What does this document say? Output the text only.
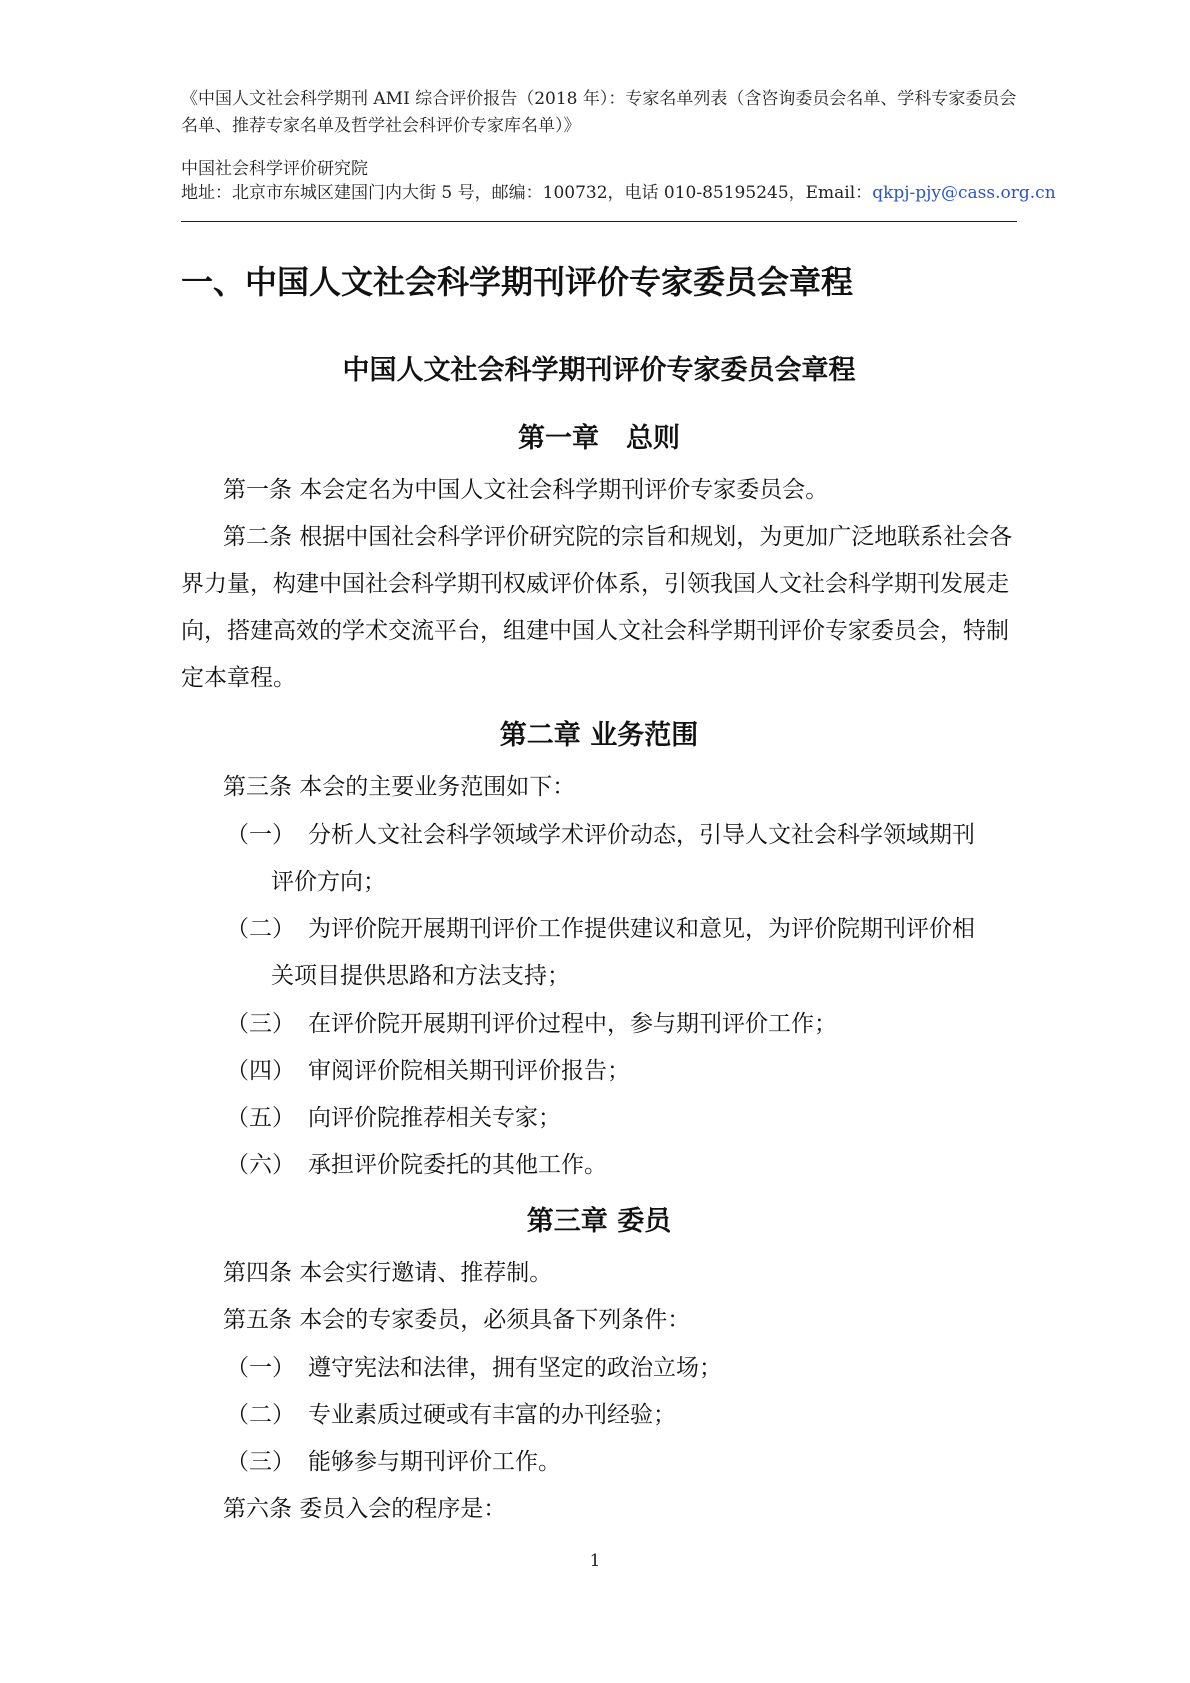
《中国人文社会科学期刊 AMI 综合评价报告（2018 年）：专家名单列表（含咨询委员会名单、学科专家委员会名单、推荐专家名单及哲学社会科评价专家库名单）》
中国社会科学评价研究院
地址：北京市东城区建国门内大街 5 号，邮编：100732，电话 010-85195245，Email：qkpj-pjy@cass.org.cn
一、中国人文社会科学期刊评价专家委员会章程
中国人文社会科学期刊评价专家委员会章程
第一章　总则
第一条 本会定名为中国人文社会科学期刊评价专家委员会。
第二条 根据中国社会科学评价研究院的宗旨和规划，为更加广泛地联系社会各界力量，构建中国社会科学期刊权威评价体系，引领我国人文社会科学期刊发展走向，搭建高效的学术交流平台，组建中国人文社会科学期刊评价专家委员会，特制定本章程。
第二章 业务范围
第三条 本会的主要业务范围如下：
（一） 分析人文社会科学领域学术评价动态，引导人文社会科学领域期刊
评价方向；
（二） 为评价院开展期刊评价工作提供建议和意见，为评价院期刊评价相
关项目提供思路和方法支持；
（三） 在评价院开展期刊评价过程中，参与期刊评价工作；
（四） 审阅评价院相关期刊评价报告；
（五） 向评价院推荐相关专家；
（六） 承担评价院委托的其他工作。
第三章 委员
第四条 本会实行邀请、推荐制。
第五条 本会的专家委员，必须具备下列条件：
（一） 遵守宪法和法律，拥有坚定的政治立场；
（二） 专业素质过硬或有丰富的办刊经验；
（三） 能够参与期刊评价工作。
第六条 委员入会的程序是：
1
